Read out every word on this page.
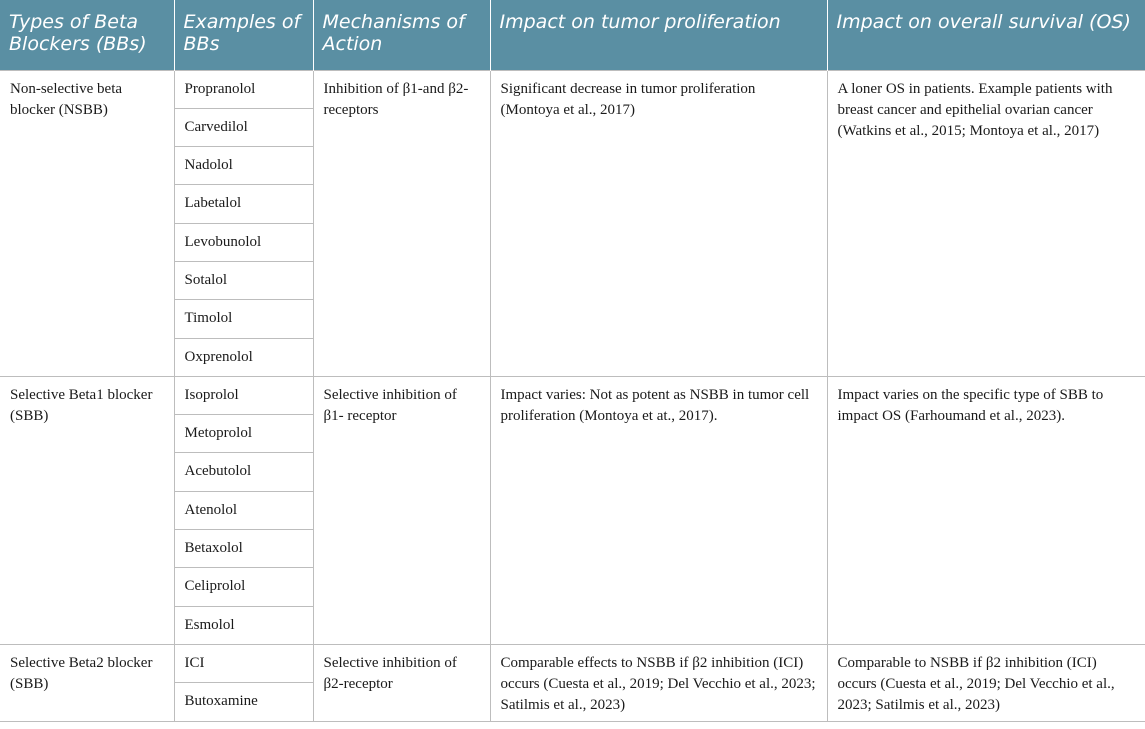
Types of Beta Blockers (BBs)	Examples of BBs	Mechanisms of Action	Impact on tumor proliferation	Impact on overall survival (OS)
Non-selective beta blocker (NSBB)	Propranolol	Inhibition of β1-and β2-receptors	Significant decrease in tumor proliferation (Montoya et al., 2017)	A loner OS in patients. Example patients with breast cancer and epithelial ovarian cancer (Watkins et al., 2015; Montoya et al., 2017)
	Carvedilol			
	Nadolol			
	Labetalol			
	Levobunolol			
	Sotalol			
	Timolol			
	Oxprenolol			
Selective Beta1 blocker (SBB)	Isoprolol	Selective inhibition of β1- receptor	Impact varies: Not as potent as NSBB in tumor cell proliferation (Montoya et at., 2017).	Impact varies on the specific type of SBB to impact OS (Farhoumand et al., 2023).
	Metoprolol			
	Acebutolol			
	Atenolol			
	Betaxolol			
	Celiprolol			
	Esmolol			
Selective Beta2 blocker (SBB)	ICI	Selective inhibition of β2-receptor	Comparable effects to NSBB if β2 inhibition (ICI) occurs (Cuesta et al., 2019; Del Vecchio et al., 2023; Satilmis et al., 2023)	Comparable to NSBB if β2 inhibition (ICI) occurs (Cuesta et al., 2019; Del Vecchio et al., 2023; Satilmis et al., 2023)
	Butoxamine			
